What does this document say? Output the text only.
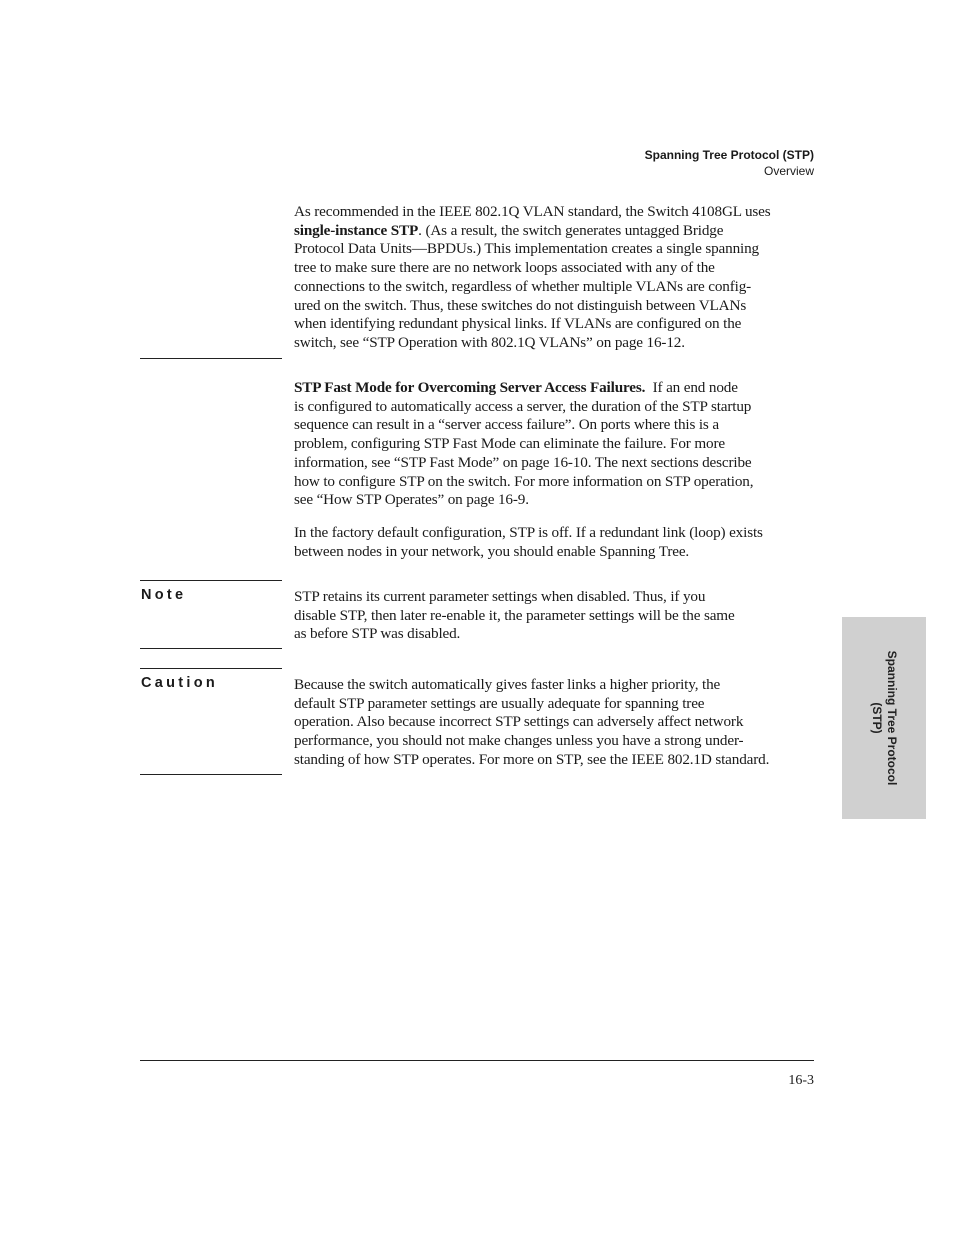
Spanning Tree Protocol (STP)
Overview
As recommended in the IEEE 802.1Q VLAN standard, the Switch 4108GL uses
single-instance STP. (As a result, the switch generates untagged Bridge
Protocol Data Units—BPDUs.) This implementation creates a single spanning
tree to make sure there are no network loops associated with any of the
connections to the switch, regardless of whether multiple VLANs are config-
ured on the switch. Thus, these switches do not distinguish between VLANs
when identifying redundant physical links. If VLANs are configured on the
switch, see “STP Operation with 802.1Q VLANs” on page 16-12.
STP Fast Mode for Overcoming Server Access Failures. If an end node
is configured to automatically access a server, the duration of the STP startup
sequence can result in a “server access failure”. On ports where this is a
problem, configuring STP Fast Mode can eliminate the failure. For more
information, see “STP Fast Mode” on page 16-10. The next sections describe
how to configure STP on the switch. For more information on STP operation,
see “How STP Operates” on page 16-9.
In the factory default configuration, STP is off. If a redundant link (loop) exists
between nodes in your network, you should enable Spanning Tree.
Note	STP retains its current parameter settings when disabled. Thus, if you
disable STP, then later re-enable it, the parameter settings will be the same
as before STP was disabled.
Caution	Because the switch automatically gives faster links a higher priority, the
default STP parameter settings are usually adequate for spanning tree
operation. Also because incorrect STP settings can adversely affect network
performance, you should not make changes unless you have a strong under-
standing of how STP operates. For more on STP, see the IEEE 802.1D standard.	Spanning Tree Protocol
(STP)
16-3
